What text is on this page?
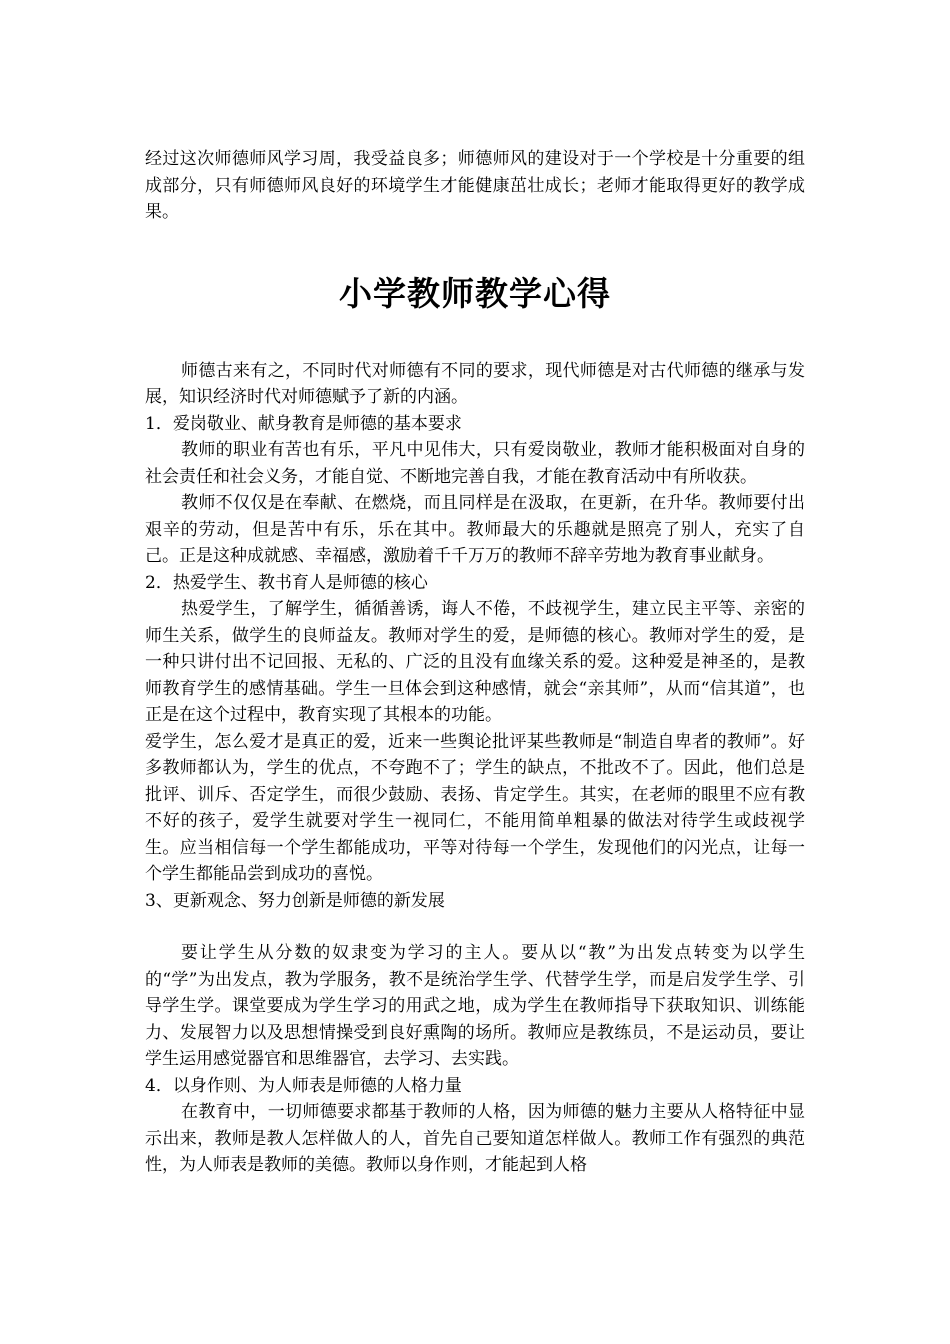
经过这次师德师风学习周，我受益良多；师德师风的建设对于一个学校是十分重要的组成部分，只有师德师风良好的环境学生才能健康茁壮成长；老师才能取得更好的教学成果。

小学教师教学心得

师德古来有之，不同时代对师德有不同的要求，现代师德是对古代师德的继承与发展，知识经济时代对师德赋予了新的内涵。

1．爱岗敬业、献身教育是师德的基本要求

教师的职业有苦也有乐，平凡中见伟大，只有爱岗敬业，教师才能积极面对自身的社会责任和社会义务，才能自觉、不断地完善自我，才能在教育活动中有所收获。

教师不仅仅是在奉献、在燃烧，而且同样是在汲取，在更新，在升华。教师要付出艰辛的劳动，但是苦中有乐，乐在其中。教师最大的乐趣就是照亮了别人，充实了自己。正是这种成就感、幸福感，激励着千千万万的教师不辞辛劳地为教育事业献身。

2．热爱学生、教书育人是师德的核心

热爱学生，了解学生，循循善诱，诲人不倦，不歧视学生，建立民主平等、亲密的师生关系，做学生的良师益友。教师对学生的爱，是师德的核心。教师对学生的爱，是一种只讲付出不记回报、无私的、广泛的且没有血缘关系的爱。这种爱是神圣的，是教师教育学生的感情基础。学生一旦体会到这种感情，就会“亲其师”，从而“信其道”，也正是在这个过程中，教育实现了其根本的功能。

爱学生，怎么爱才是真正的爱，近来一些舆论批评某些教师是“制造自卑者的教师”。好多教师都认为，学生的优点，不夸跑不了；学生的缺点，不批改不了。因此，他们总是批评、训斥、否定学生，而很少鼓励、表扬、肯定学生。其实，在老师的眼里不应有教不好的孩子，爱学生就要对学生一视同仁，不能用简单粗暴的做法对待学生或歧视学生。应当相信每一个学生都能成功，平等对待每一个学生，发现他们的闪光点，让每一个学生都能品尝到成功的喜悦。

3、更新观念、努力创新是师德的新发展

要让学生从分数的奴隶变为学习的主人。要从以“教”为出发点转变为以学生的“学”为出发点，教为学服务，教不是统治学生学、代替学生学，而是启发学生学、引导学生学。课堂要成为学生学习的用武之地，成为学生在教师指导下获取知识、训练能力、发展智力以及思想情操受到良好熏陶的场所。教师应是教练员，不是运动员，要让学生运用感觉器官和思维器官，去学习、去实践。

4．以身作则、为人师表是师德的人格力量

在教育中，一切师德要求都基于教师的人格，因为师德的魅力主要从人格特征中显示出来，教师是教人怎样做人的人，首先自己要知道怎样做人。教师工作有强烈的典范性，为人师表是教师的美德。教师以身作则，才能起到人格
